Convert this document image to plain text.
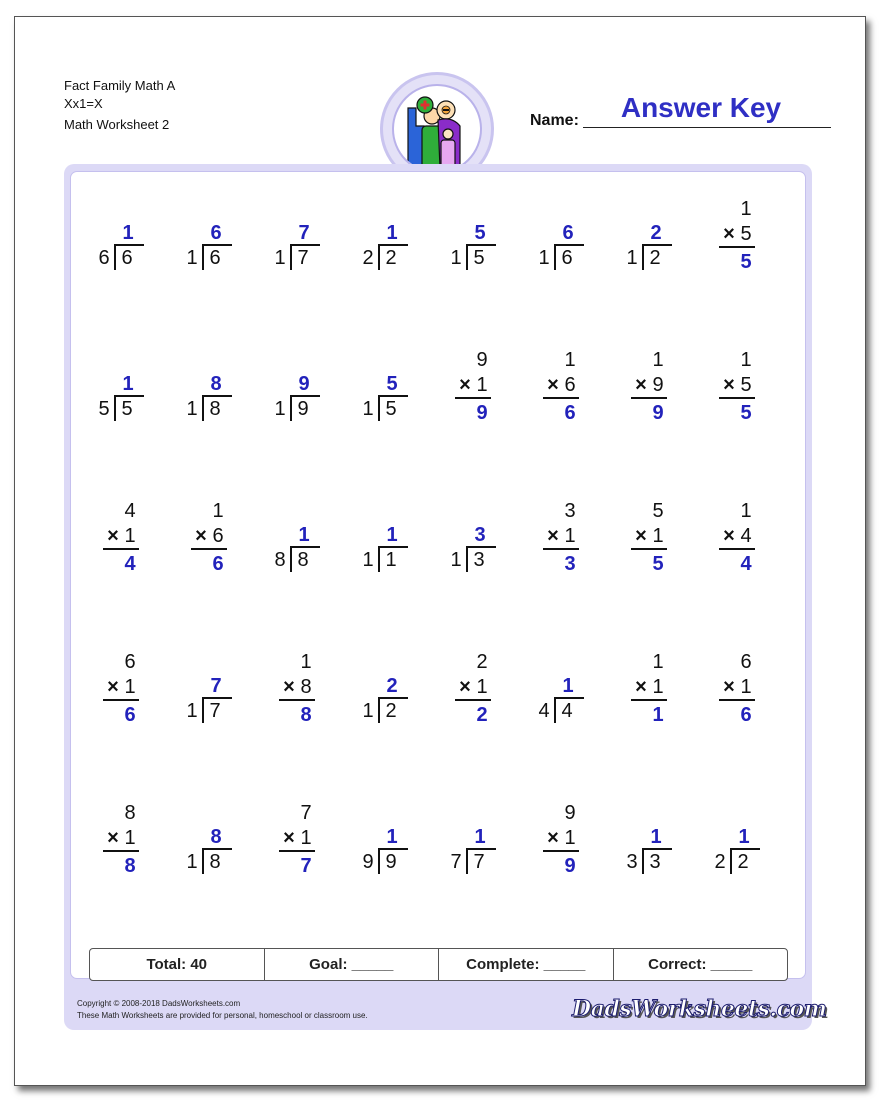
Fact Family Math A
Xx1=X
Math Worksheet 2	Name:	Answer Key
1
6 6
6
1 6
7
1 7
1
2 2
5
1 5
6
1 6
2
1 2
1
× 5
5
1
5 5
8
1 8
9
1 9
5
1 5
9
× 1
9
1
× 6
6
1
× 9
9
1
× 5
5
4
× 1
4
1
× 6
6
1
8 8
1
1 1
3
1 3
3
× 1
3
5
× 1
5
1
× 4
4
6
× 1
6
7
1 7
1
× 8
8
2
1 2
2
× 1
2
1
4 4
1
× 1
1
6
× 1
6
8
× 1
8
8
1 8
7
× 1
7
1
9 9
1
7 7
9
× 1
9
1
3 3
1
2 2
Total: 40	Goal: _____	Complete: _____	Correct: _____
Copyright © 2008-2018 DadsWorksheets.com
These Math Worksheets are provided for personal, homeschool or classroom use.	DadsWorksheets.com
